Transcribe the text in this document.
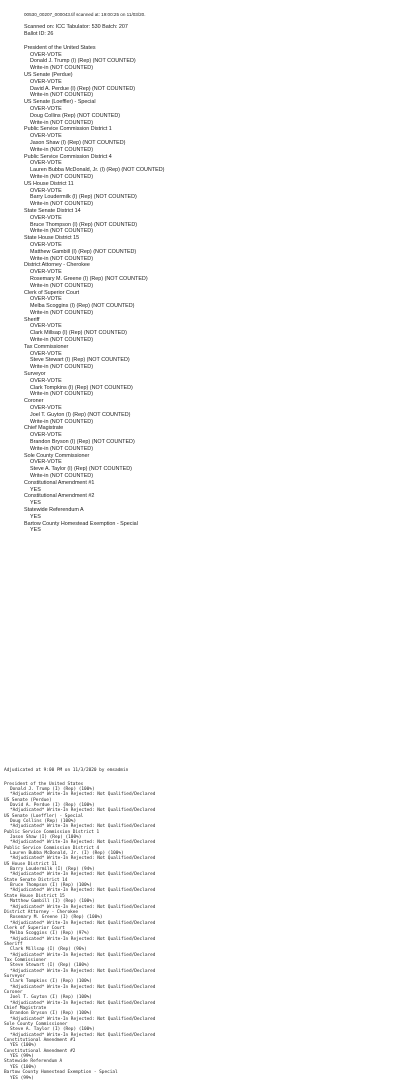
00530_00207_000043.tif scanned at: 19:00:25 on 11/03/20.
Scanned on: ICC Tabulator: 530 Batch: 207
Ballot ID: 26
President of the United States
OVER-VOTE
Donald J. Trump (I) (Rep) (NOT COUNTED)
Write-in (NOT COUNTED)
US Senate (Perdue)
OVER-VOTE
David A. Perdue (I) (Rep) (NOT COUNTED)
Write-in (NOT COUNTED)
US Senate (Loeffler) - Special
OVER-VOTE
Doug Collins (Rep) (NOT COUNTED)
Write-in (NOT COUNTED)
Public Service Commission District 1
OVER-VOTE
Jason Shaw (I) (Rep) (NOT COUNTED)
Write-in (NOT COUNTED)
Public Service Commission District 4
OVER-VOTE
Lauren Bubba McDonald, Jr. (I) (Rep) (NOT COUNTED)
Write-in (NOT COUNTED)
US House District 11
OVER-VOTE
Barry Loudermilk (I) (Rep) (NOT COUNTED)
Write-in (NOT COUNTED)
State Senate District 14
OVER-VOTE
Bruce Thompson (I) (Rep) (NOT COUNTED)
Write-in (NOT COUNTED)
State House District 15
OVER-VOTE
Matthew Gambill (I) (Rep) (NOT COUNTED)
Write-in (NOT COUNTED)
District Attorney - Cherokee
OVER-VOTE
Rosemary M. Greene (I) (Rep) (NOT COUNTED)
Write-in (NOT COUNTED)
Clerk of Superior Court
OVER-VOTE
Melba Scoggins (I) (Rep) (NOT COUNTED)
Write-in (NOT COUNTED)
Sheriff
OVER-VOTE
Clark Millsap (I) (Rep) (NOT COUNTED)
Write-in (NOT COUNTED)
Tax Commissioner
OVER-VOTE
Steve Stewart (I) (Rep) (NOT COUNTED)
Write-in (NOT COUNTED)
Surveyor
OVER-VOTE
Clark Tompkins (I) (Rep) (NOT COUNTED)
Write-in (NOT COUNTED)
Coroner
OVER-VOTE
Joel T. Guyton (I) (Rep) (NOT COUNTED)
Write-in (NOT COUNTED)
Chief Magistrate
OVER-VOTE
Brandon Bryson (I) (Rep) (NOT COUNTED)
Write-in (NOT COUNTED)
Sole County Commissioner
OVER-VOTE
Steve A. Taylor (I) (Rep) (NOT COUNTED)
Write-in (NOT COUNTED)
Constitutional Amendment #1
YES
Constitutional Amendment #2
YES
Statewide Referendum A
YES
Bartow County Homestead Exemption - Special
YES
Adjudicated at 9:00 PM on 11/3/2020 by emsadmin
President of the United States
Donald J. Trump (I) (Rep) (100%)
*Adjudicated* Write-In Rejected: Not Qualified/Declared
US Senate (Perdue)
David A. Perdue (I) (Rep) (100%)
*Adjudicated* Write-In Rejected: Not Qualified/Declared
US Senate (Loeffler) - Special
Doug Collins (Rep) (100%)
*Adjudicated* Write-In Rejected: Not Qualified/Declared
Public Service Commission District 1
Jason Shaw (I) (Rep) (100%)
*Adjudicated* Write-In Rejected: Not Qualified/Declared
Public Service Commission District 4
Lauren Bubba McDonald, Jr. (I) (Rep) (100%)
*Adjudicated* Write-In Rejected: Not Qualified/Declared
US House District 11
Barry Loudermilk (I) (Rep) (94%)
*Adjudicated* Write-In Rejected: Not Qualified/Declared
State Senate District 14
Bruce Thompson (I) (Rep) (100%)
*Adjudicated* Write-In Rejected: Not Qualified/Declared
State House District 15
Matthew Gambill (I) (Rep) (100%)
*Adjudicated* Write-In Rejected: Not Qualified/Declared
District Attorney - Cherokee
Rosemary M. Greene (I) (Rep) (100%)
*Adjudicated* Write-In Rejected: Not Qualified/Declared
Clerk of Superior Court
Melba Scoggins (I) (Rep) (97%)
*Adjudicated* Write-In Rejected: Not Qualified/Declared
Sheriff
Clark Millsap (I) (Rep) (96%)
*Adjudicated* Write-In Rejected: Not Qualified/Declared
Tax Commissioner
Steve Stewart (I) (Rep) (100%)
*Adjudicated* Write-In Rejected: Not Qualified/Declared
Surveyor
Clark Tompkins (I) (Rep) (100%)
*Adjudicated* Write-In Rejected: Not Qualified/Declared
Coroner
Joel T. Guyton (I) (Rep) (100%)
*Adjudicated* Write-In Rejected: Not Qualified/Declared
Chief Magistrate
Brandon Bryson (I) (Rep) (100%)
*Adjudicated* Write-In Rejected: Not Qualified/Declared
Sole County Commissioner
Steve A. Taylor (I) (Rep) (100%)
*Adjudicated* Write-In Rejected: Not Qualified/Declared
Constitutional Amendment #1
YES (100%)
Constitutional Amendment #2
YES (99%)
Statewide Referendum A
YES (100%)
Bartow County Homestead Exemption - Special
YES (99%)
